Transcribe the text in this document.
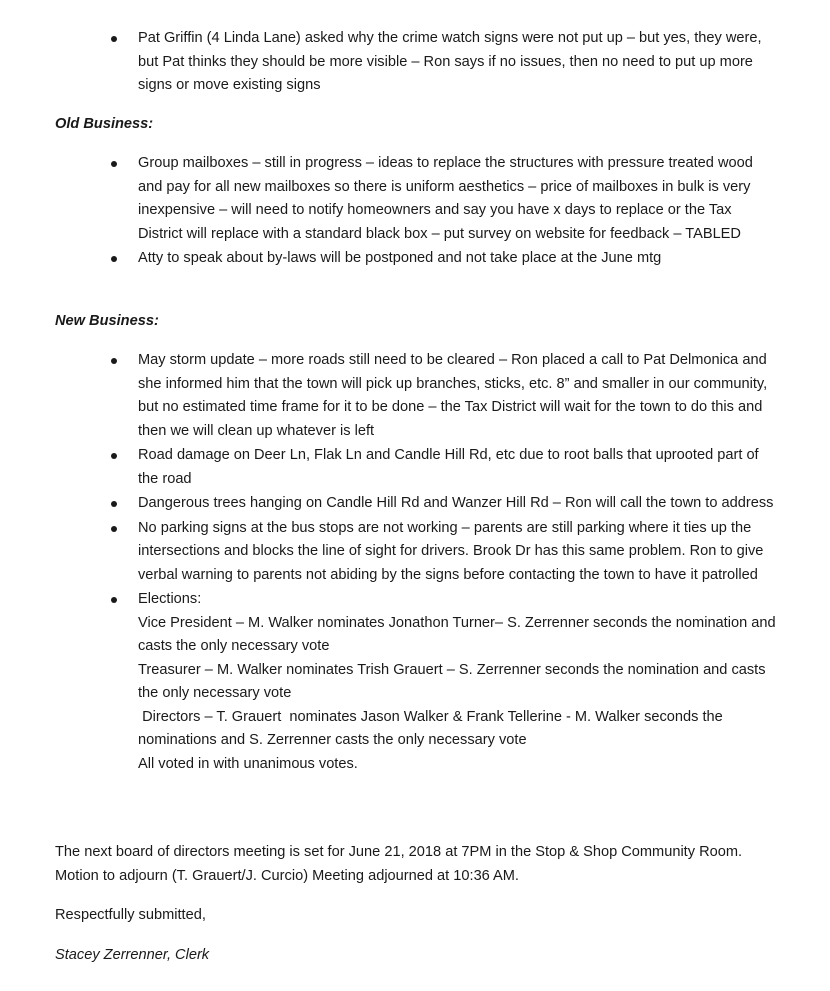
Pat Griffin (4 Linda Lane) asked why the crime watch signs were not put up – but yes, they were, but Pat thinks they should be more visible – Ron says if no issues, then no need to put up more signs or move existing signs

Old Business:

Group mailboxes – still in progress – ideas to replace the structures with pressure treated wood and pay for all new mailboxes so there is uniform aesthetics – price of mailboxes in bulk is very inexpensive – will need to notify homeowners and say you have x days to replace or the Tax District will replace with a standard black box – put survey on website for feedback – TABLED
Atty to speak about by-laws will be postponed and not take place at the June mtg

New Business:

May storm update – more roads still need to be cleared – Ron placed a call to Pat Delmonica and she informed him that the town will pick up branches, sticks, etc. 8” and smaller in our community, but no estimated time frame for it to be done – the Tax District will wait for the town to do this and then we will clean up whatever is left
Road damage on Deer Ln, Flak Ln and Candle Hill Rd, etc due to root balls that uprooted part of the road
Dangerous trees hanging on Candle Hill Rd and Wanzer Hill Rd – Ron will call the town to address
No parking signs at the bus stops are not working – parents are still parking where it ties up the intersections and blocks the line of sight for drivers. Brook Dr has this same problem. Ron to give verbal warning to parents not abiding by the signs before contacting the town to have it patrolled
Elections:
Vice President – M. Walker nominates Jonathon Turner– S. Zerrenner seconds the nomination and casts the only necessary vote
Treasurer – M. Walker nominates Trish Grauert – S. Zerrenner seconds the nomination and casts the only necessary vote
Directors – T. Grauert  nominates Jason Walker & Frank Tellerine - M. Walker seconds the nominations and S. Zerrenner casts the only necessary vote
All voted in with unanimous votes.

The next board of directors meeting is set for June 21, 2018 at 7PM in the Stop & Shop Community Room. Motion to adjourn (T. Grauert/J. Curcio) Meeting adjourned at 10:36 AM.

Respectfully submitted,

Stacey Zerrenner, Clerk
